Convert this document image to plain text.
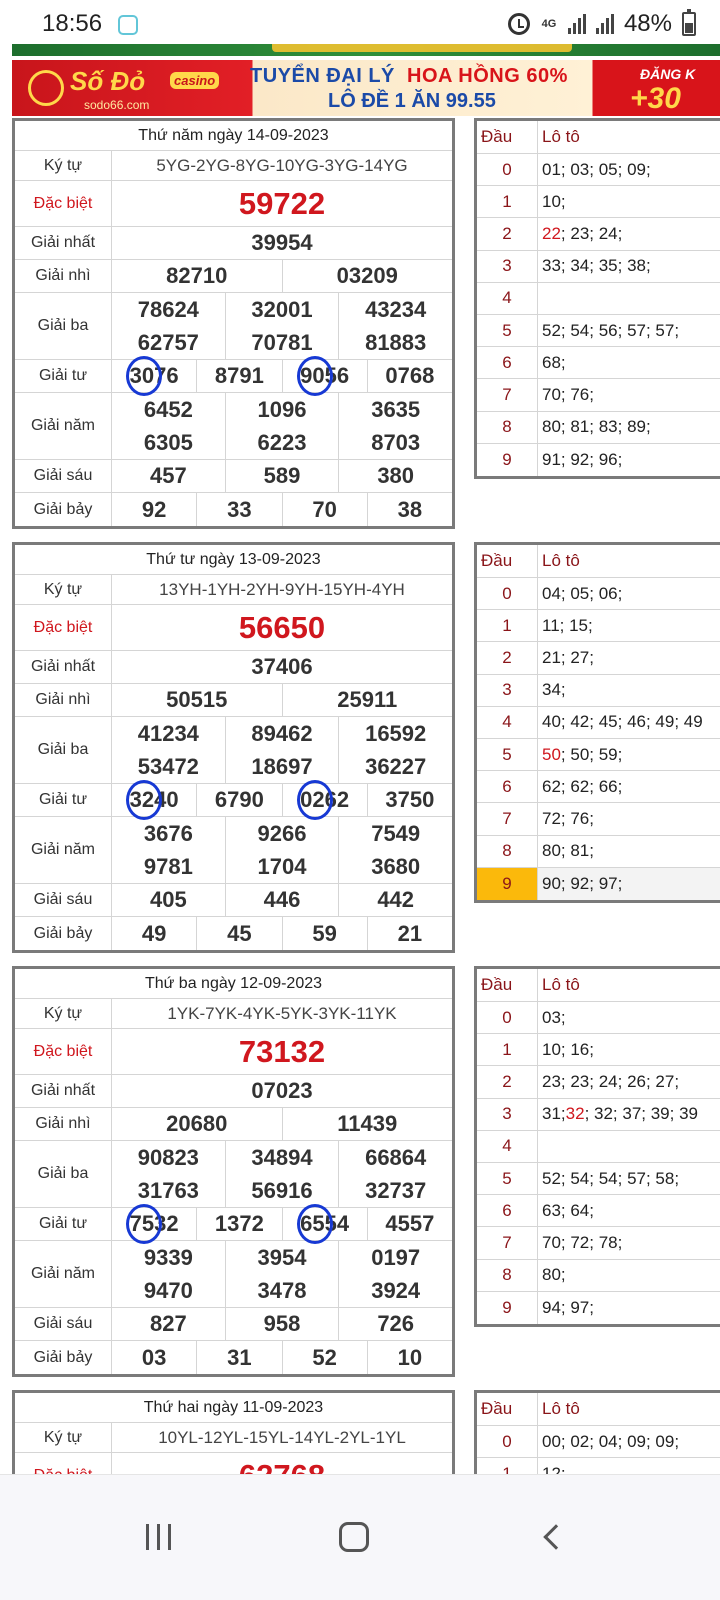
18:56	4G	48%
Số Đỏ	casino
sodo66.com
TUYỂN ĐẠI LÝ HOA HỒNG 60%
LÔ ĐỀ 1 ĂN 99.55
ĐĂNG K
+30
Thứ năm ngày 14-09-2023
Ký tự	5YG-2YG-8YG-10YG-3YG-14YG
Đặc biệt	59722
Giải nhất	39954
Giải nhì	82710	03209
Giải ba
78624	32001	43234
62757	70781	81883
Giải tư	3076	8791	9056	0768
Giải năm
6452	1096	3635
6305	6223	8703
Giải sáu	457	589	380
Giải bảy	92	33	70	38
Đầu	Lô tô
0	01; 03; 05; 09;
1	10;
2	22 ; 23; 24;
3	33; 34; 35; 38;
4
5	52; 54; 56; 57; 57;
6	68;
7	70; 76;
8	80; 81; 83; 89;
9	91; 92; 96;
Thứ tư ngày 13-09-2023
Ký tự	13YH-1YH-2YH-9YH-15YH-4YH
Đặc biệt	56650
Giải nhất	37406
Giải nhì	50515	25911
Giải ba
41234	89462	16592
53472	18697	36227
Giải tư	3240	6790	0262	3750
Giải năm
3676	9266	7549
9781	1704	3680
Giải sáu	405	446	442
Giải bảy	49	45	59	21
Đầu	Lô tô
0	04; 05; 06;
1	11; 15;
2	21; 27;
3	34;
4	40; 42; 45; 46; 49; 49
5	50 ; 50; 59;
6	62; 62; 66;
7	72; 76;
8	80; 81;
9	90; 92; 97;
Thứ ba ngày 12-09-2023
Ký tự	1YK-7YK-4YK-5YK-3YK-11YK
Đặc biệt	73132
Giải nhất	07023
Giải nhì	20680	11439
Giải ba
90823	34894	66864
31763	56916	32737
Giải tư	7532	1372	6554	4557
Giải năm
9339	3954	0197
9470	3478	3924
Giải sáu	827	958	726
Giải bảy	03	31	52	10
Đầu	Lô tô
0	03;
1	10; 16;
2	23; 23; 24; 26; 27;
3	31; 32 ; 32; 37; 39; 39
4
5	52; 54; 54; 57; 58;
6	63; 64;
7	70; 72; 78;
8	80;
9	94; 97;
Thứ hai ngày 11-09-2023
Ký tự	10YL-12YL-15YL-14YL-2YL-1YL
Đầu	Lô tô
0	00; 02; 04; 09; 09;
